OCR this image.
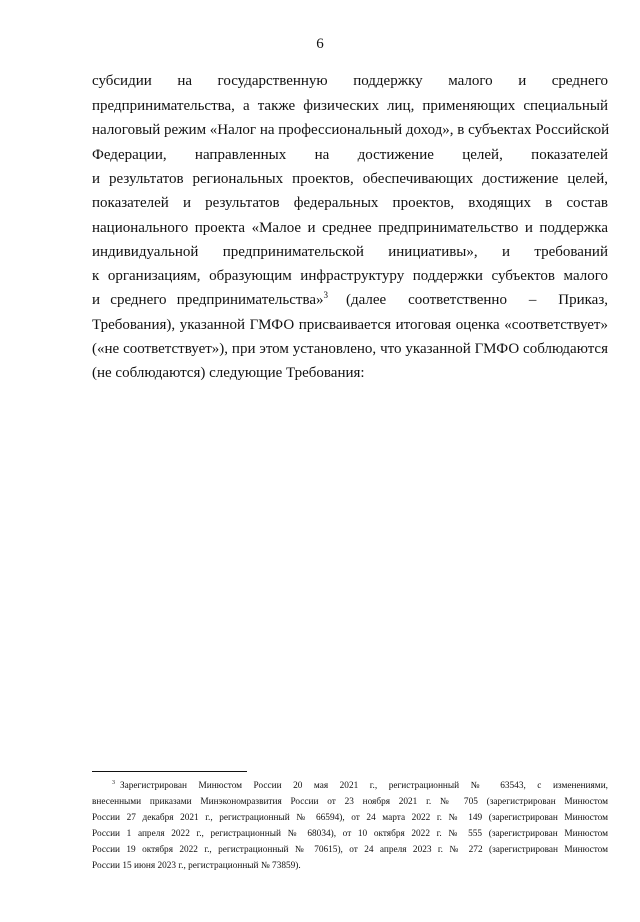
6
субсидии на государственную поддержку малого и среднего
предпринимательства, а также физических лиц, применяющих специальный
налоговый режим «Налог на профессиональный доход», в субъектах Российской
Федерации, направленных на достижение целей, показателей
и результатов региональных проектов, обеспечивающих достижение целей,
показателей и результатов федеральных проектов, входящих в состав
национального проекта «Малое и среднее предпринимательство и поддержка
индивидуальной предпринимательской инициативы», и требований
к организациям, образующим инфраструктуру поддержки субъектов малого
и среднего предпринимательства»$^3$ (далее соответственно – Приказ,
Требования), указанной ГМФО присваивается итоговая оценка «соответствует»
(«не соответствует»), при этом установлено, что указанной ГМФО соблюдаются
(не соблюдаются) следующие Требования:
3 Зарегистрирован Минюстом России 20 мая 2021 г., регистрационный № 63543, с изменениями,
внесенными приказами Минэкономразвития России от 23 ноября 2021 г. № 705 (зарегистрирован Минюстом
России 27 декабря 2021 г., регистрационный № 66594), от 24 марта 2022 г. № 149 (зарегистрирован Минюстом
России 1 апреля 2022 г., регистрационный № 68034), от 10 октября 2022 г. № 555 (зарегистрирован Минюстом
России 19 октября 2022 г., регистрационный № 70615), от 24 апреля 2023 г. № 272 (зарегистрирован Минюстом
России 15 июня 2023 г., регистрационный № 73859).
